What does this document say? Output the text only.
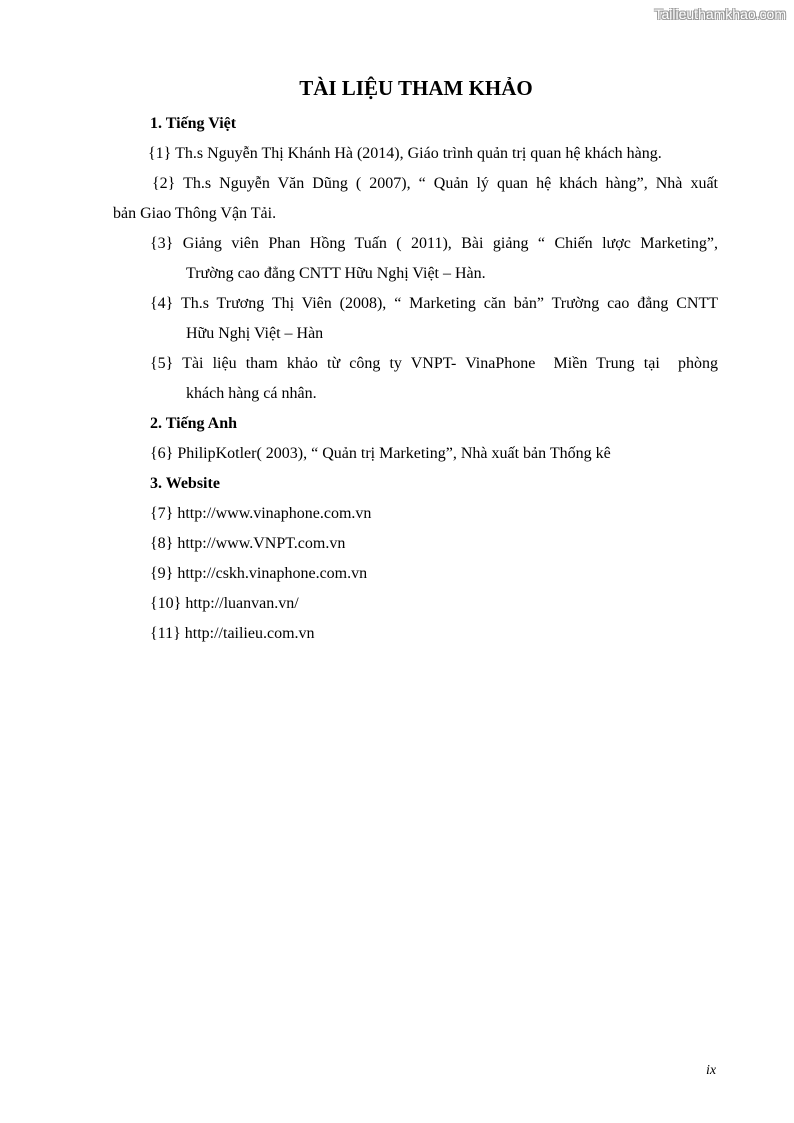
Tailieuthamkhao.com
TÀI LIỆU THAM KHẢO
1. Tiếng Việt
{1} Th.s Nguyễn Thị Khánh Hà (2014), Giáo trình quản trị quan hệ khách hàng.
{2} Th.s Nguyễn Văn Dũng ( 2007), “ Quản lý quan hệ khách hàng”, Nhà xuất
bản Giao Thông Vận Tải.
{3} Giảng viên Phan Hồng Tuấn ( 2011), Bài giảng “ Chiến lược Marketing”,
Trường cao đẳng CNTT Hữu Nghị Việt – Hàn.
{4} Th.s Trương Thị Viên (2008), “ Marketing căn bản” Trường cao đẳng CNTT
Hữu Nghị Việt – Hàn
{5} Tài liệu tham khảo từ công ty VNPT- VinaPhone  Miền Trung tại  phòng
khách hàng cá nhân.
2. Tiếng Anh
{6} PhilipKotler( 2003), “ Quản trị Marketing”, Nhà xuất bản Thống kê
3. Website
{7} http://www.vinaphone.com.vn
{8} http://www.VNPT.com.vn
{9} http://cskh.vinaphone.com.vn
{10} http://luanvan.vn/
{11} http://tailieu.com.vn
ix
